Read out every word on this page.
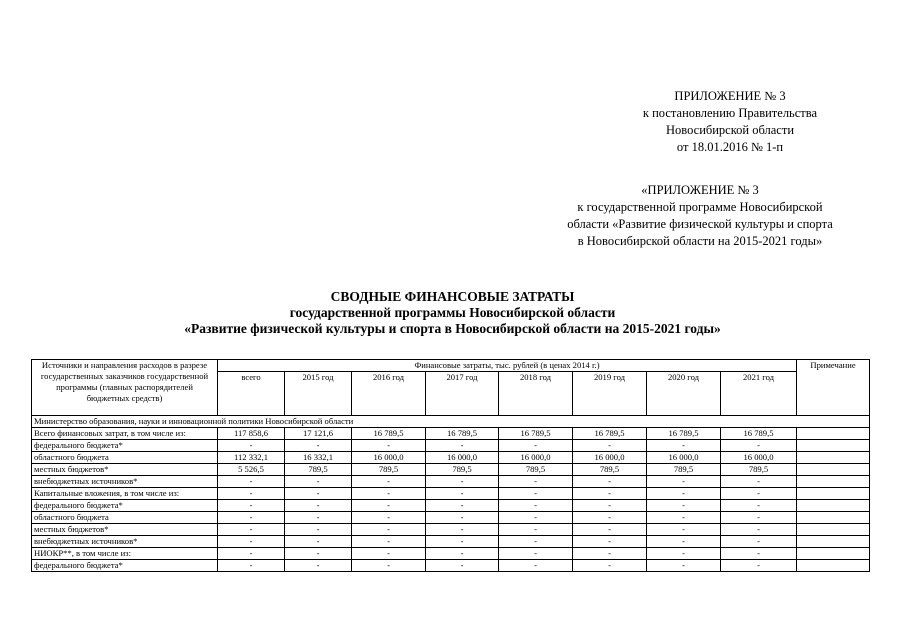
ПРИЛОЖЕНИЕ № 3
к постановлению Правительства
Новосибирской области
от 18.01.2016 № 1-п
«ПРИЛОЖЕНИЕ № 3
к государственной программе Новосибирской
области «Развитие физической культуры и спорта
в Новосибирской области на 2015-2021 годы»
СВОДНЫЕ ФИНАНСОВЫЕ ЗАТРАТЫ
государственной программы Новосибирской области
«Развитие физической культуры и спорта в Новосибирской области на 2015-2021 годы»
Источники и направления расходов в разрезе государственных заказчиков государственной программы (главных распорядителей бюджетных средств)	Финансовые затраты, тыс. рублей (в ценах 2014 г.)								Примечание
	всего	2015 год	2016 год	2017 год	2018 год	2019 год	2020 год	2021 год	
Министерство образования, науки и инновационной политики Новосибирской области									
Всего финансовых затрат, в том числе из:	117 858,6	17 121,6	16 789,5	16 789,5	16 789,5	16 789,5	16 789,5	16 789,5	
федерального бюджета*	-	-	-	-	-	-	-	-	
областного бюджета	112 332,1	16 332,1	16 000,0	16 000,0	16 000,0	16 000,0	16 000,0	16 000,0	
местных бюджетов*	5 526,5	789,5	789,5	789,5	789,5	789,5	789,5	789,5	
внебюджетных источников*	-	-	-	-	-	-	-	-	
Капитальные вложения, в том числе из:	-	-	-	-	-	-	-	-	
федерального бюджета*	-	-	-	-	-	-	-	-	
областного бюджета	-	-	-	-	-	-	-	-	
местных бюджетов*	-	-	-	-	-	-	-	-	
внебюджетных источников*	-	-	-	-	-	-	-	-	
НИОКР**, в том числе из:	-	-	-	-	-	-	-	-	
федерального бюджета*	-	-	-	-	-	-	-	-	
